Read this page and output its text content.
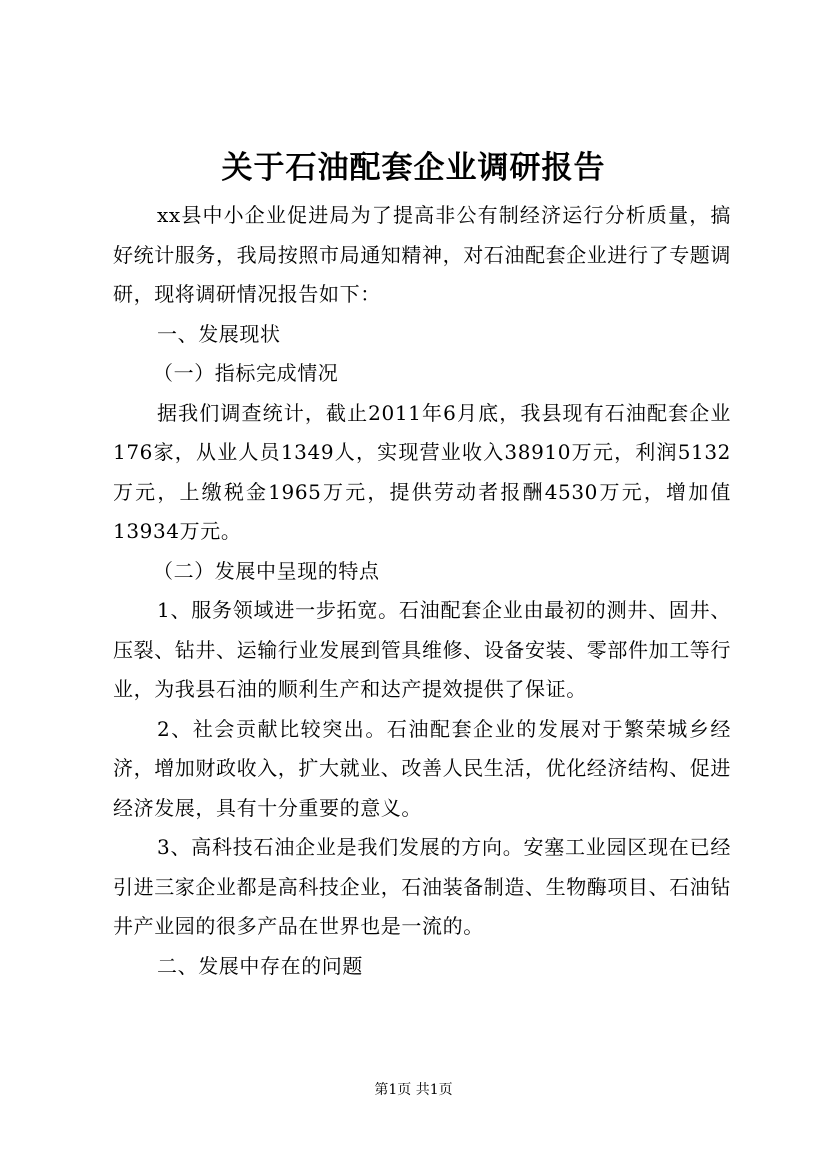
关于石油配套企业调研报告

xx县中小企业促进局为了提高非公有制经济运行分析质量，搞好统计服务，我局按照市局通知精神，对石油配套企业进行了专题调研，现将调研情况报告如下：

一、发展现状

（一）指标完成情况

据我们调查统计，截止2011年6月底，我县现有石油配套企业176家，从业人员1349人，实现营业收入38910万元，利润5132万元，上缴税金1965万元，提供劳动者报酬4530万元，增加值13934万元。

（二）发展中呈现的特点

1、服务领域进一步拓宽。石油配套企业由最初的测井、固井、压裂、钻井、运输行业发展到管具维修、设备安装、零部件加工等行业，为我县石油的顺利生产和达产提效提供了保证。

2、社会贡献比较突出。石油配套企业的发展对于繁荣城乡经济，增加财政收入，扩大就业、改善人民生活，优化经济结构、促进经济发展，具有十分重要的意义。

3、高科技石油企业是我们发展的方向。安塞工业园区现在已经引进三家企业都是高科技企业，石油装备制造、生物酶项目、石油钻井产业园的很多产品在世界也是一流的。

二、发展中存在的问题

第1页 共1页
